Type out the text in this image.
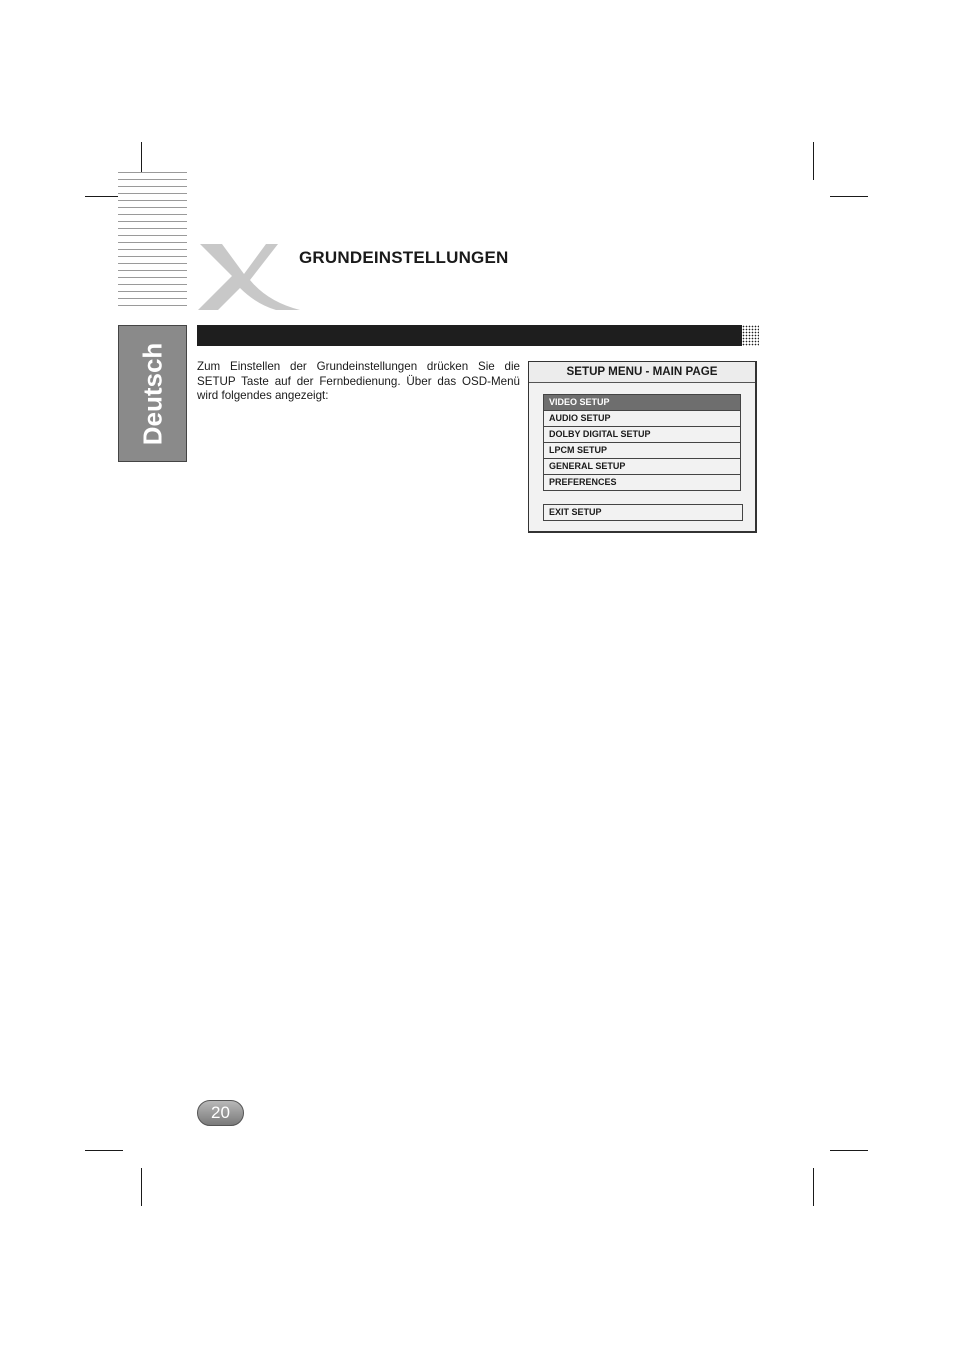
Deutsch
GRUNDEINSTELLUNGEN
Zum Einstellen der Grundeinstellungen drücken Sie die SETUP Taste auf der Fernbedienung. Über das OSD-Menü wird folgendes angezeigt:
SETUP MENU - MAIN PAGE
VIDEO SETUP
AUDIO SETUP
DOLBY DIGITAL SETUP
LPCM SETUP
GENERAL SETUP
PREFERENCES
EXIT SETUP
20
